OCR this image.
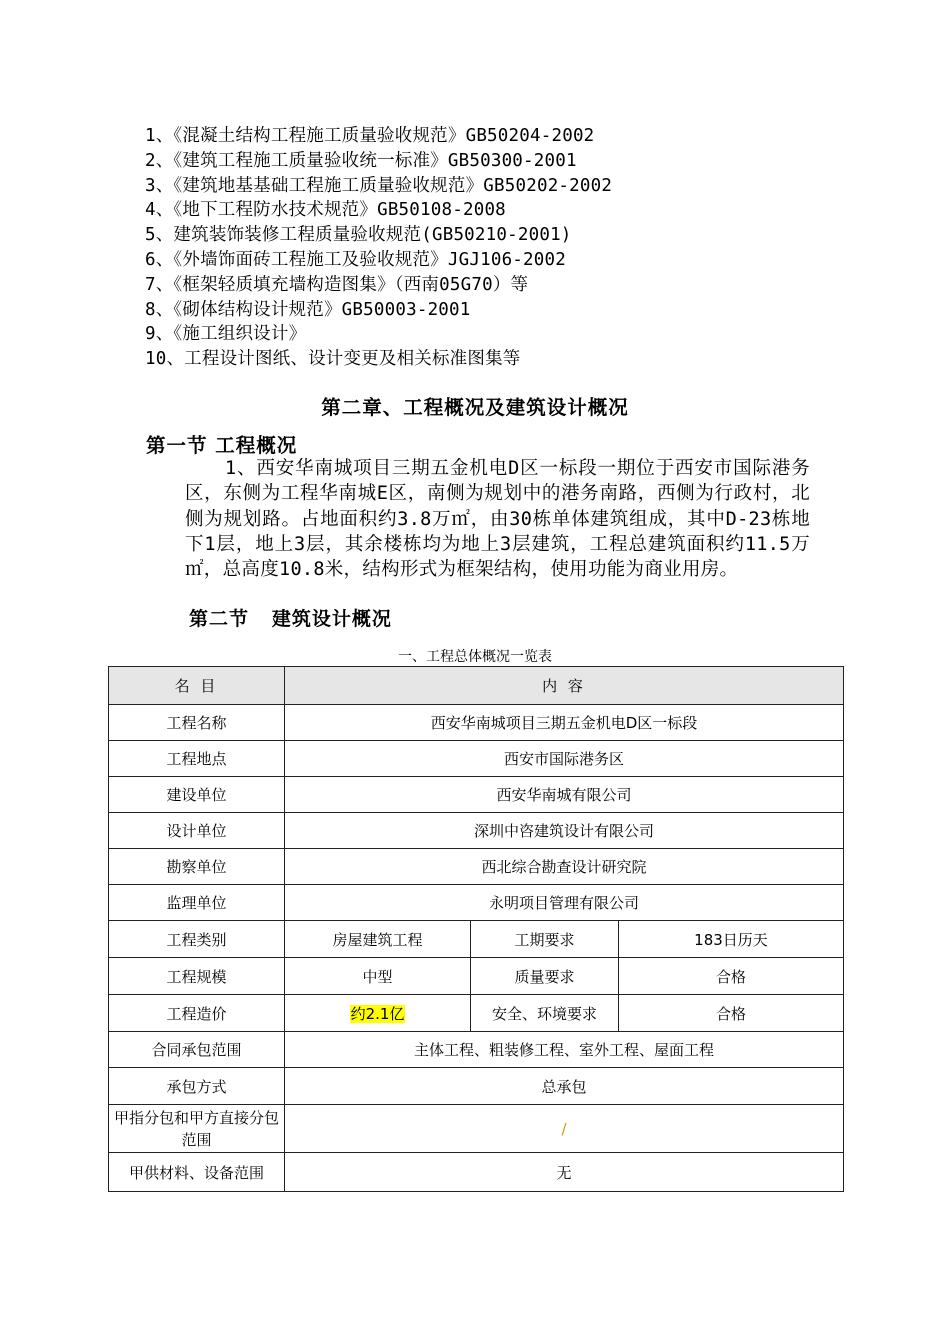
1、《混凝土结构工程施工质量验收规范》GB50204-2002
2、《建筑工程施工质量验收统一标准》GB50300-2001
3、《建筑地基基础工程施工质量验收规范》GB50202-2002
4、《地下工程防水技术规范》GB50108-2008
5、建筑装饰装修工程质量验收规范(GB50210-2001)
6、《外墙饰面砖工程施工及验收规范》JGJ106-2002
7、《框架轻质填充墙构造图集》（西南05G70）等
8、《砌体结构设计规范》GB50003-2001
9、《施工组织设计》
10、工程设计图纸、设计变更及相关标准图集等
第二章、工程概况及建筑设计概况
第一节 工程概况
1、西安华南城项目三期五金机电D区一标段一期位于西安市国际港务区，东侧为工程华南城E区，南侧为规划中的港务南路，西侧为行政村，北侧为规划路。占地面积约3.8万㎡，由30栋单体建筑组成，其中D-23栋地下1层，地上3层，其余楼栋均为地上3层建筑，工程总建筑面积约11.5万㎡，总高度10.8米，结构形式为框架结构，使用功能为商业用房。
第二节   建筑设计概况
一、工程总体概况一览表
名 目	内 容		
工程名称	西安华南城项目三期五金机电D区一标段		
工程地点	西安市国际港务区		
建设单位	西安华南城有限公司		
设计单位	深圳中咨建筑设计有限公司		
勘察单位	西北综合勘查设计研究院		
监理单位	永明项目管理有限公司		
工程类别	房屋建筑工程	工期要求	183日历天
工程规模	中型	质量要求	合格
工程造价	约2.1亿	安全、环境要求	合格
合同承包范围	主体工程、粗装修工程、室外工程、屋面工程		
承包方式	总承包		
甲指分包和甲方直接分包范围	/		
甲供材料、设备范围	无		
